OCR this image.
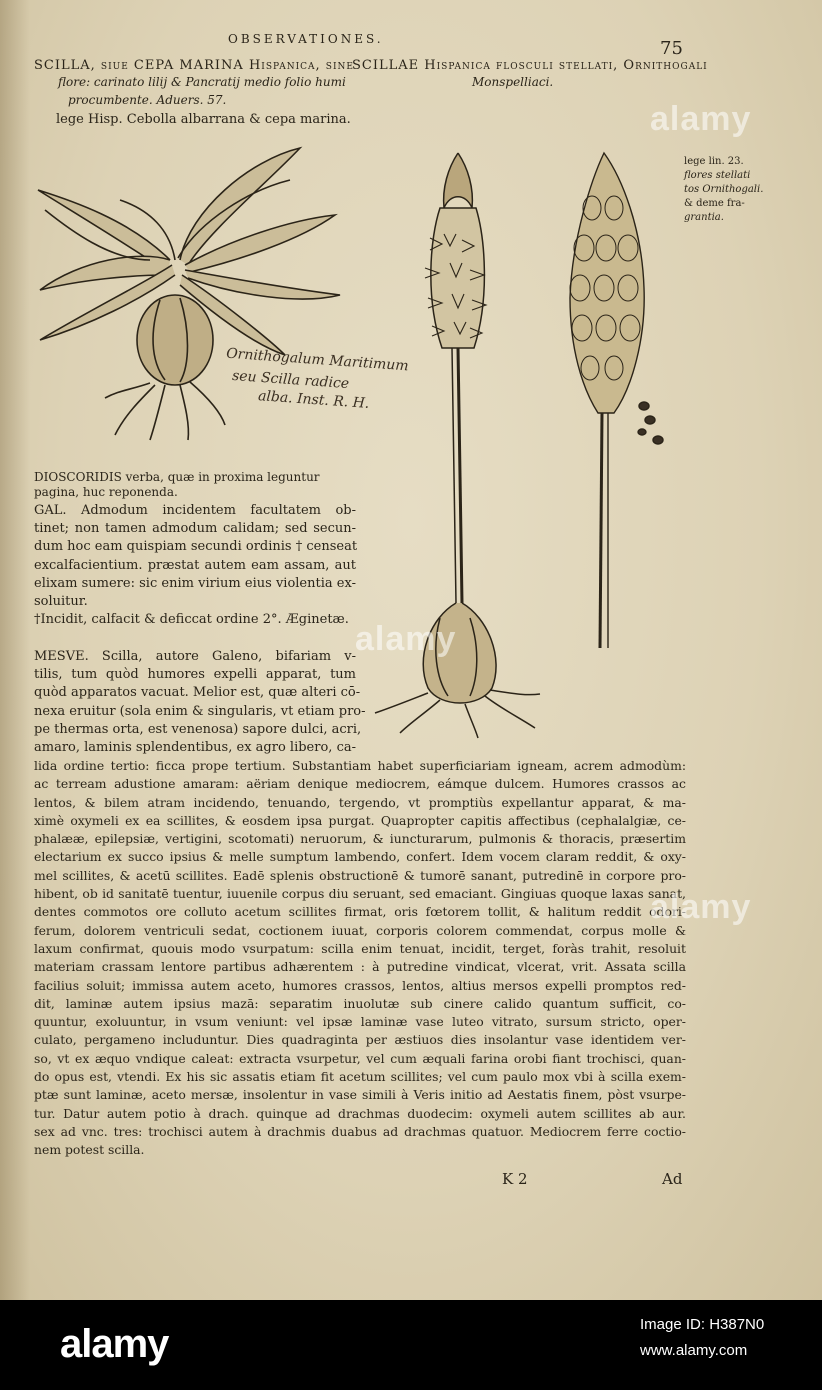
OBSERVATIONES.	75
SCILLA, siue CEPA MARINA Hispanica, sine
flore: carinato lilij & Pancratij medio folio humi
procumbente. Aduers. 57.
lege Hisp. Cebolla albarrana & cepa marina.
SCILLAE Hispanica flosculi stellati, Ornithogali
Monspelliaci.
lege lin. 23.
flores stellati
tos Ornithogali.
& deme fra-
grantia.
Ornithogalum Maritimum
seu Scilla radice
alba. Inst. R. H.
DIOSCORIDIS verba, quæ in proxima leguntur
pagina, huc reponenda.
GAL. Admodum incidentem facultatem ob-
tinet; non tamen admodum calidam; sed secun-
dum hoc eam quispiam secundi ordinis † censeat
excalfacientium. præstat autem eam assam, aut
elixam sumere: sic enim virium eius violentia ex-
soluitur.
†Incidit, calfacit & deficcat ordine 2°. Æginetæ.
MESVE. Scilla, autore Galeno, bifariam v-
tilis, tum quòd humores expelli apparat, tum
quòd apparatos vacuat. Melior est, quæ alteri cō-
nexa eruitur (sola enim & singularis, vt etiam pro-
pe thermas orta, est venenosa) sapore dulci, acri,
amaro, laminis splendentibus, ex agro libero, ca-
lida ordine tertio: ficca prope tertium. Substantiam habet superficiariam igneam, acrem admodùm:
ac terream adustione amaram: aëriam denique mediocrem, eámque dulcem. Humores crassos ac
lentos, & bilem atram incidendo, tenuando, tergendo, vt promptiùs expellantur apparat, & ma-
ximè oxymeli ex ea scillites, & eosdem ipsa purgat. Quapropter capitis affectibus (cephalalgiæ, ce-
phalææ, epilepsiæ, vertigini, scotomati) neruorum, & iuncturarum, pulmonis & thoracis, præsertim
electarium ex succo ipsius & melle sumptum lambendo, confert. Idem vocem claram reddit, & oxy-
mel scillites, & acetū scillites. Eadē splenis obstructionē & tumorē sanant, putredinē in corpore pro-
hibent, ob id sanitatē tuentur, iuuenile corpus diu seruant, sed emaciant. Gingiuas quoque laxas sanat,
dentes commotos ore colluto acetum scillites firmat, oris fœtorem tollit, & halitum reddit odori-
ferum, dolorem ventriculi sedat, coctionem iuuat, corporis colorem commendat, corpus molle &
laxum confirmat, quouis modo vsurpatum: scilla enim tenuat, incidit, terget, foràs trahit, resoluit
materiam crassam lentore partibus adhærentem : à putredine vindicat, vlcerat, vrit. Assata scilla
facilius soluit; immissa autem aceto, humores crassos, lentos, altius mersos expelli promptos red-
dit, laminæ autem ipsius mazā: separatim inuolutæ sub cinere calido quantum sufficit, co-
quuntur, exoluuntur, in vsum veniunt: vel ipsæ laminæ vase luteo vitrato, sursum stricto, oper-
culato, pergameno includuntur. Dies quadraginta per æstiuos dies insolantur vase identidem ver-
so, vt ex æquo vndique caleat: extracta vsurpetur, vel cum æquali farina orobi fiant trochisci, quan-
do opus est, vtendi. Ex his sic assatis etiam fit acetum scillites; vel cum paulo mox vbi à scilla exem-
ptæ sunt laminæ, aceto mersæ, insolentur in vase simili à Veris initio ad Aestatis finem, pòst vsurpe-
tur. Datur autem potio à drach. quinque ad drachmas duodecim: oxymeli autem scillites ab aur.
sex ad vnc. tres: trochisci autem à drachmis duabus ad drachmas quatuor. Mediocrem ferre coctio-
nem potest scilla.
K 2	Ad
alamy
alamy
alamy
alamy	Image ID: H387N0
www.alamy.com
